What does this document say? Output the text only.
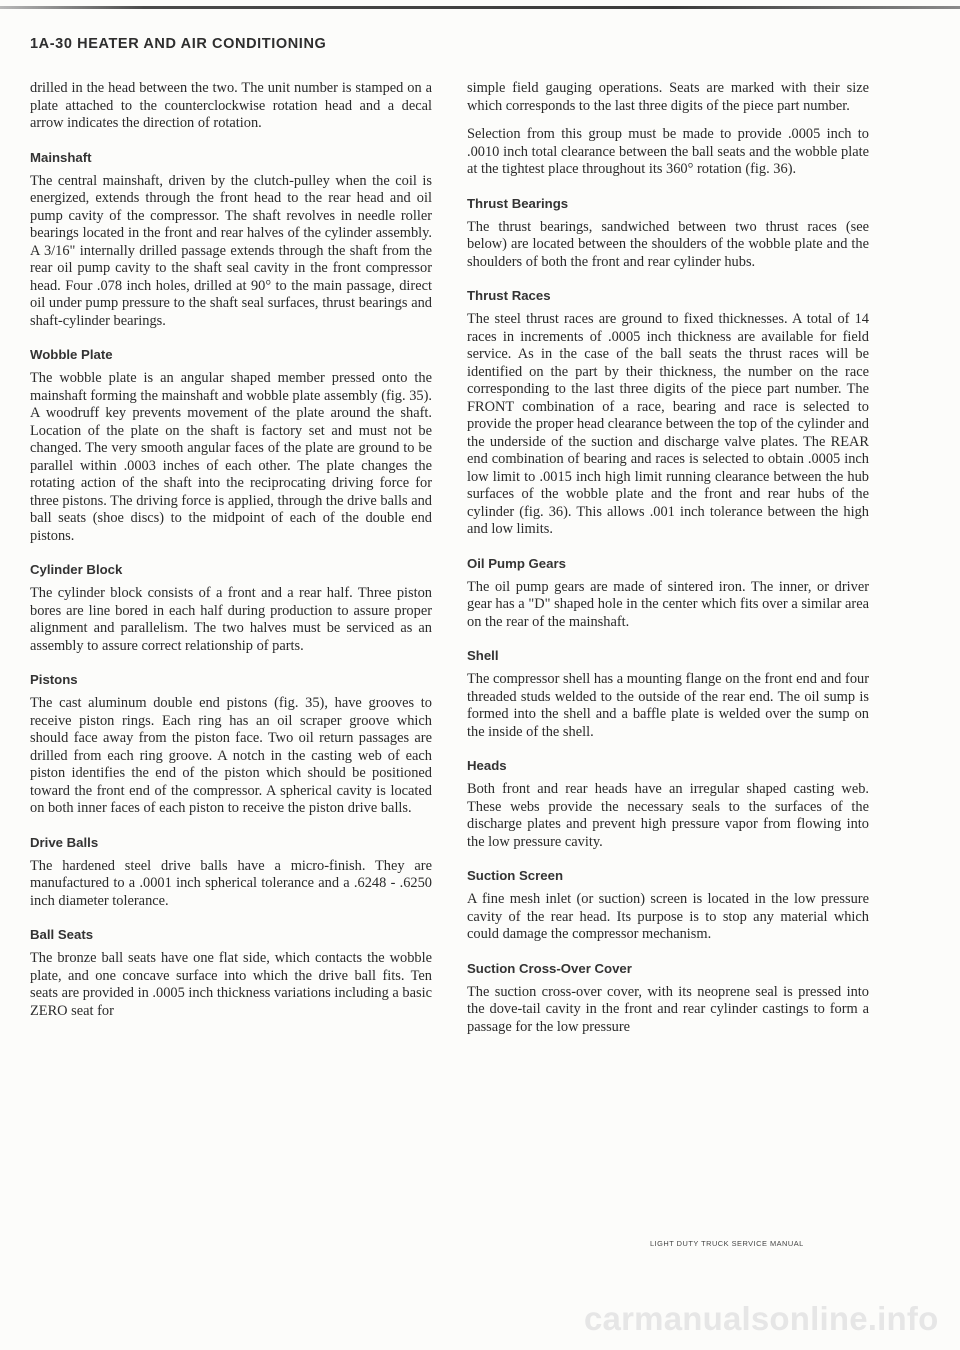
1A-30 HEATER AND AIR CONDITIONING

drilled in the head between the two. The unit number is stamped on a plate attached to the counterclockwise rotation head and a decal arrow indicates the direction of rotation.

Mainshaft

The central mainshaft, driven by the clutch-pulley when the coil is energized, extends through the front head to the rear head and oil pump cavity of the compressor. The shaft revolves in needle roller bearings located in the front and rear halves of the cylinder assembly. A 3/16" internally drilled passage extends through the shaft from the rear oil pump cavity to the shaft seal cavity in the front compressor head. Four .078 inch holes, drilled at 90° to the main passage, direct oil under pump pressure to the shaft seal surfaces, thrust bearings and shaft-cylinder bearings.

Wobble Plate

The wobble plate is an angular shaped member pressed onto the mainshaft forming the mainshaft and wobble plate assembly (fig. 35). A woodruff key prevents movement of the plate around the shaft. Location of the plate on the shaft is factory set and must not be changed. The very smooth angular faces of the plate are ground to be parallel within .0003 inches of each other. The plate changes the rotating action of the shaft into the reciprocating driving force for three pistons. The driving force is applied, through the drive balls and ball seats (shoe discs) to the midpoint of each of the double end pistons.

Cylinder Block

The cylinder block consists of a front and a rear half. Three piston bores are line bored in each half during production to assure proper alignment and parallelism. The two halves must be serviced as an assembly to assure correct relationship of parts.

Pistons

The cast aluminum double end pistons (fig. 35), have grooves to receive piston rings. Each ring has an oil scraper groove which should face away from the piston face. Two oil return passages are drilled from each ring groove. A notch in the casting web of each piston identifies the end of the piston which should be positioned toward the front end of the compressor. A spherical cavity is located on both inner faces of each piston to receive the piston drive balls.

Drive Balls

The hardened steel drive balls have a micro-finish. They are manufactured to a .0001 inch spherical tolerance and a .6248 - .6250 inch diameter tolerance.

Ball Seats

The bronze ball seats have one flat side, which contacts the wobble plate, and one concave surface into which the drive ball fits. Ten seats are provided in .0005 inch thickness variations including a basic ZERO seat for

simple field gauging operations. Seats are marked with their size which corresponds to the last three digits of the piece part number.

Selection from this group must be made to provide .0005 inch to .0010 inch total clearance between the ball seats and the wobble plate at the tightest place throughout its 360° rotation (fig. 36).

Thrust Bearings

The thrust bearings, sandwiched between two thrust races (see below) are located between the shoulders of the wobble plate and the shoulders of both the front and rear cylinder hubs.

Thrust Races

The steel thrust races are ground to fixed thicknesses. A total of 14 races in increments of .0005 inch thickness are available for field service. As in the case of the ball seats the thrust races will be identified on the part by their thickness, the number on the race corresponding to the last three digits of the piece part number. The FRONT combination of a race, bearing and race is selected to provide the proper head clearance between the top of the cylinder and the underside of the suction and discharge valve plates. The REAR end combination of bearing and races is selected to obtain .0005 inch low limit to .0015 inch high limit running clearance between the hub surfaces of the wobble plate and the front and rear hubs of the cylinder (fig. 36). This allows .001 inch tolerance between the high and low limits.

Oil Pump Gears

The oil pump gears are made of sintered iron. The inner, or driver gear has a "D" shaped hole in the center which fits over a similar area on the rear of the mainshaft.

Shell

The compressor shell has a mounting flange on the front end and four threaded studs welded to the outside of the rear end. The oil sump is formed into the shell and a baffle plate is welded over the sump on the inside of the shell.

Heads

Both front and rear heads have an irregular shaped casting web. These webs provide the necessary seals to the surfaces of the discharge plates and prevent high pressure vapor from flowing into the low pressure cavity.

Suction Screen

A fine mesh inlet (or suction) screen is located in the low pressure cavity of the rear head. Its purpose is to stop any material which could damage the compressor mechanism.

Suction Cross-Over Cover

The suction cross-over cover, with its neoprene seal is pressed into the dove-tail cavity in the front and rear cylinder castings to form a passage for the low pressure

LIGHT DUTY TRUCK SERVICE MANUAL
carmanualsonline.info
